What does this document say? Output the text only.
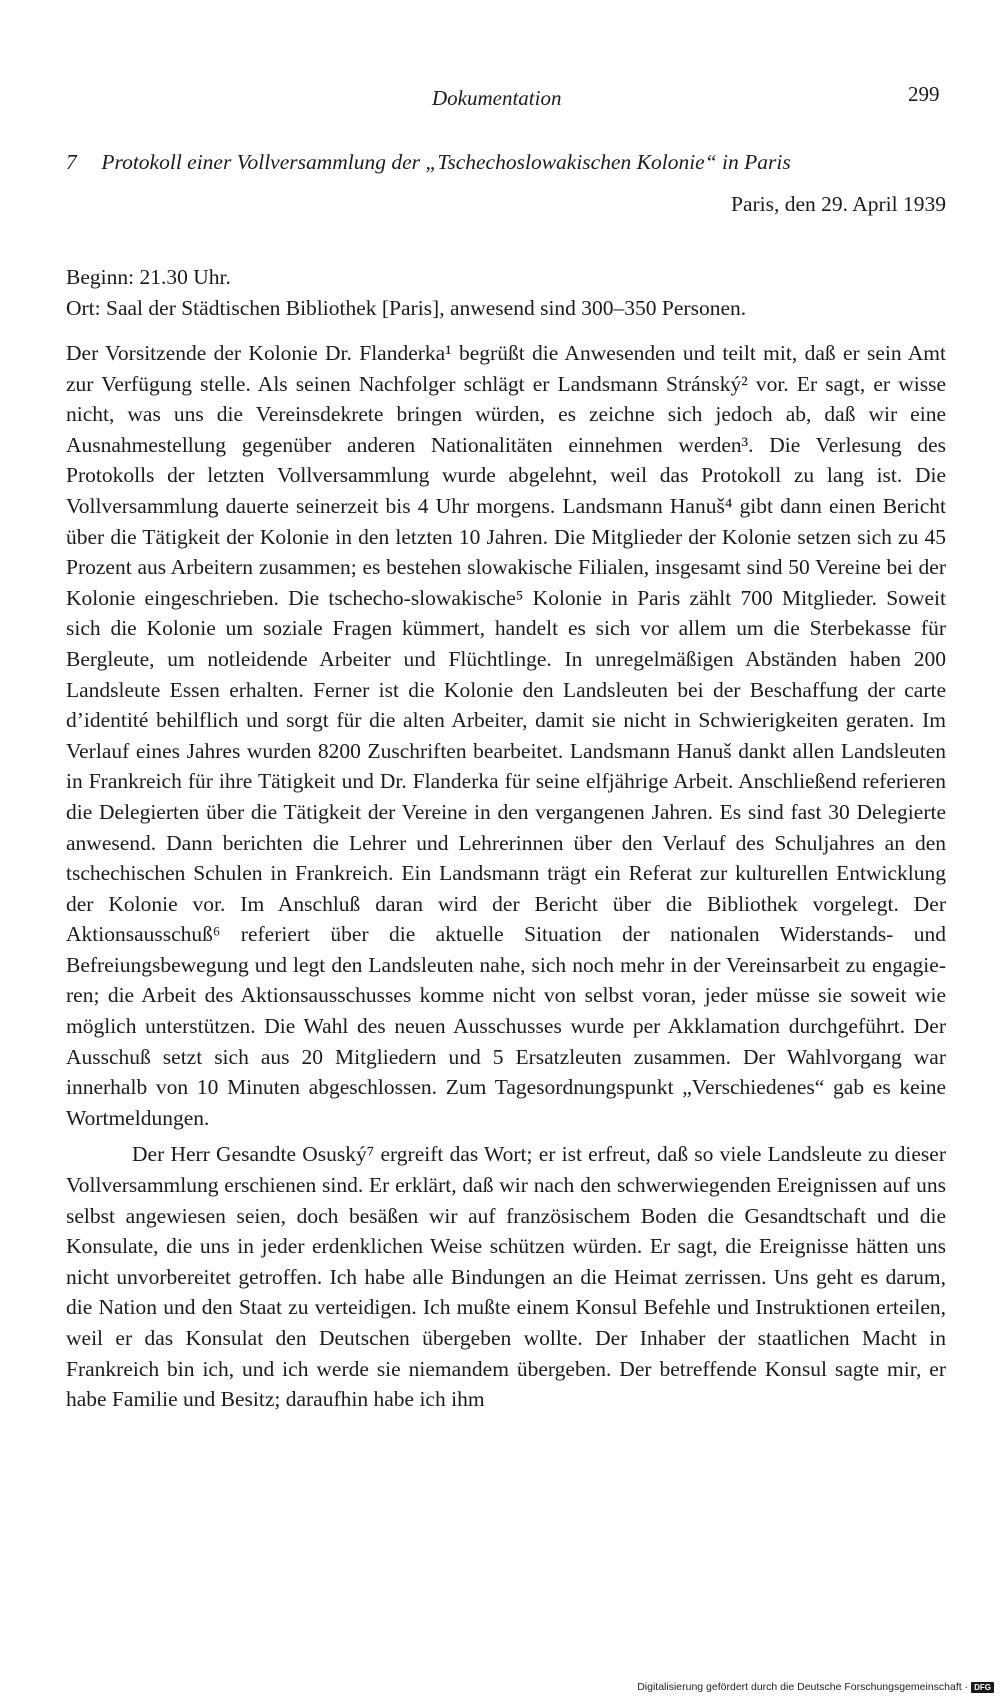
Dokumentation	299
7 Protokoll einer Vollversammlung der „Tschechoslowakischen Kolonie“ in Paris
Paris, den 29. April 1939
Beginn: 21.30 Uhr.
Ort: Saal der Städtischen Bibliothek [Paris], anwesend sind 300–350 Personen.

Der Vorsitzende der Kolonie Dr. Flanderka¹ begrüßt die Anwesenden und teilt mit, daß er sein Amt zur Verfügung stelle. Als seinen Nachfolger schlägt er Landsmann Stránský² vor. Er sagt, er wisse nicht, was uns die Vereinsdekrete bringen würden, es zeichne sich jedoch ab, daß wir eine Ausnahmestellung gegenüber anderen Nationalitäten einnehmen werden³. Die Verlesung des Protokolls der letzten Vollversammlung wurde abgelehnt, weil das Protokoll zu lang ist. Die Vollversammlung dauerte seinerzeit bis 4 Uhr morgens. Landsmann Hanuš⁴ gibt dann einen Bericht über die Tätigkeit der Kolonie in den letzten 10 Jahren. Die Mitglieder der Kolonie setzen sich zu 45 Prozent aus Arbeitern zusammen; es bestehen slowakische Filialen, insgesamt sind 50 Vereine bei der Kolonie eingeschrieben. Die tschecho-slowakische⁵ Kolonie in Paris zählt 700 Mitglieder. Soweit sich die Kolonie um soziale Fragen kümmert, handelt es sich vor allem um die Sterbekasse für Bergleute, um notleidende Arbeiter und Flüchtlinge. In unregelmäßigen Abständen haben 200 Landsleute Essen erhalten. Ferner ist die Kolonie den Landsleuten bei der Beschaffung der carte d’identité behilflich und sorgt für die alten Arbeiter, damit sie nicht in Schwierigkeiten geraten. Im Verlauf eines Jahres wurden 8200 Zuschriften bearbeitet. Landsmann Hanuš dankt allen Landsleuten in Frankreich für ihre Tätigkeit und Dr. Flanderka für seine elfjährige Arbeit. Anschließend referieren die Delegierten über die Tätigkeit der Vereine in den vergangenen Jahren. Es sind fast 30 Delegierte anwesend. Dann berichten die Lehrer und Lehrerinnen über den Verlauf des Schuljahres an den tschechischen Schulen in Frankreich. Ein Landsmann trägt ein Referat zur kulturellen Entwicklung der Kolonie vor. Im Anschluß daran wird der Bericht über die Bibliothek vorgelegt. Der Aktionsausschuß⁶ referiert über die aktuelle Situation der nationalen Widerstands- und Befreiungsbewegung und legt den Landsleuten nahe, sich noch mehr in der Vereinsarbeit zu engagieren; die Arbeit des Aktionsausschusses komme nicht von selbst voran, jeder müsse sie soweit wie möglich unterstützen. Die Wahl des neuen Ausschusses wurde per Akklamation durchgeführt. Der Ausschuß setzt sich aus 20 Mitgliedern und 5 Ersatzleuten zusammen. Der Wahlvorgang war innerhalb von 10 Minuten abgeschlossen. Zum Tagesordnungspunkt „Verschiedenes“ gab es keine Wortmeldungen.

Der Herr Gesandte Osuský⁷ ergreift das Wort; er ist erfreut, daß so viele Landsleute zu dieser Vollversammlung erschienen sind. Er erklärt, daß wir nach den schwerwiegenden Ereignissen auf uns selbst angewiesen seien, doch besäßen wir auf französischem Boden die Gesandtschaft und die Konsulate, die uns in jeder erdenklichen Weise schützen würden. Er sagt, die Ereignisse hätten uns nicht unvorbereitet getroffen. Ich habe alle Bindungen an die Heimat zerrissen. Uns geht es darum, die Nation und den Staat zu verteidigen. Ich mußte einem Konsul Befehle und Instruktionen erteilen, weil er das Konsulat den Deutschen übergeben wollte. Der Inhaber der staatlichen Macht in Frankreich bin ich, und ich werde sie niemandem übergeben. Der betreffende Konsul sagte mir, er habe Familie und Besitz; daraufhin habe ich ihm

Digitalisierung gefördert durch die Deutsche Forschungsgemeinschaft · DFG
